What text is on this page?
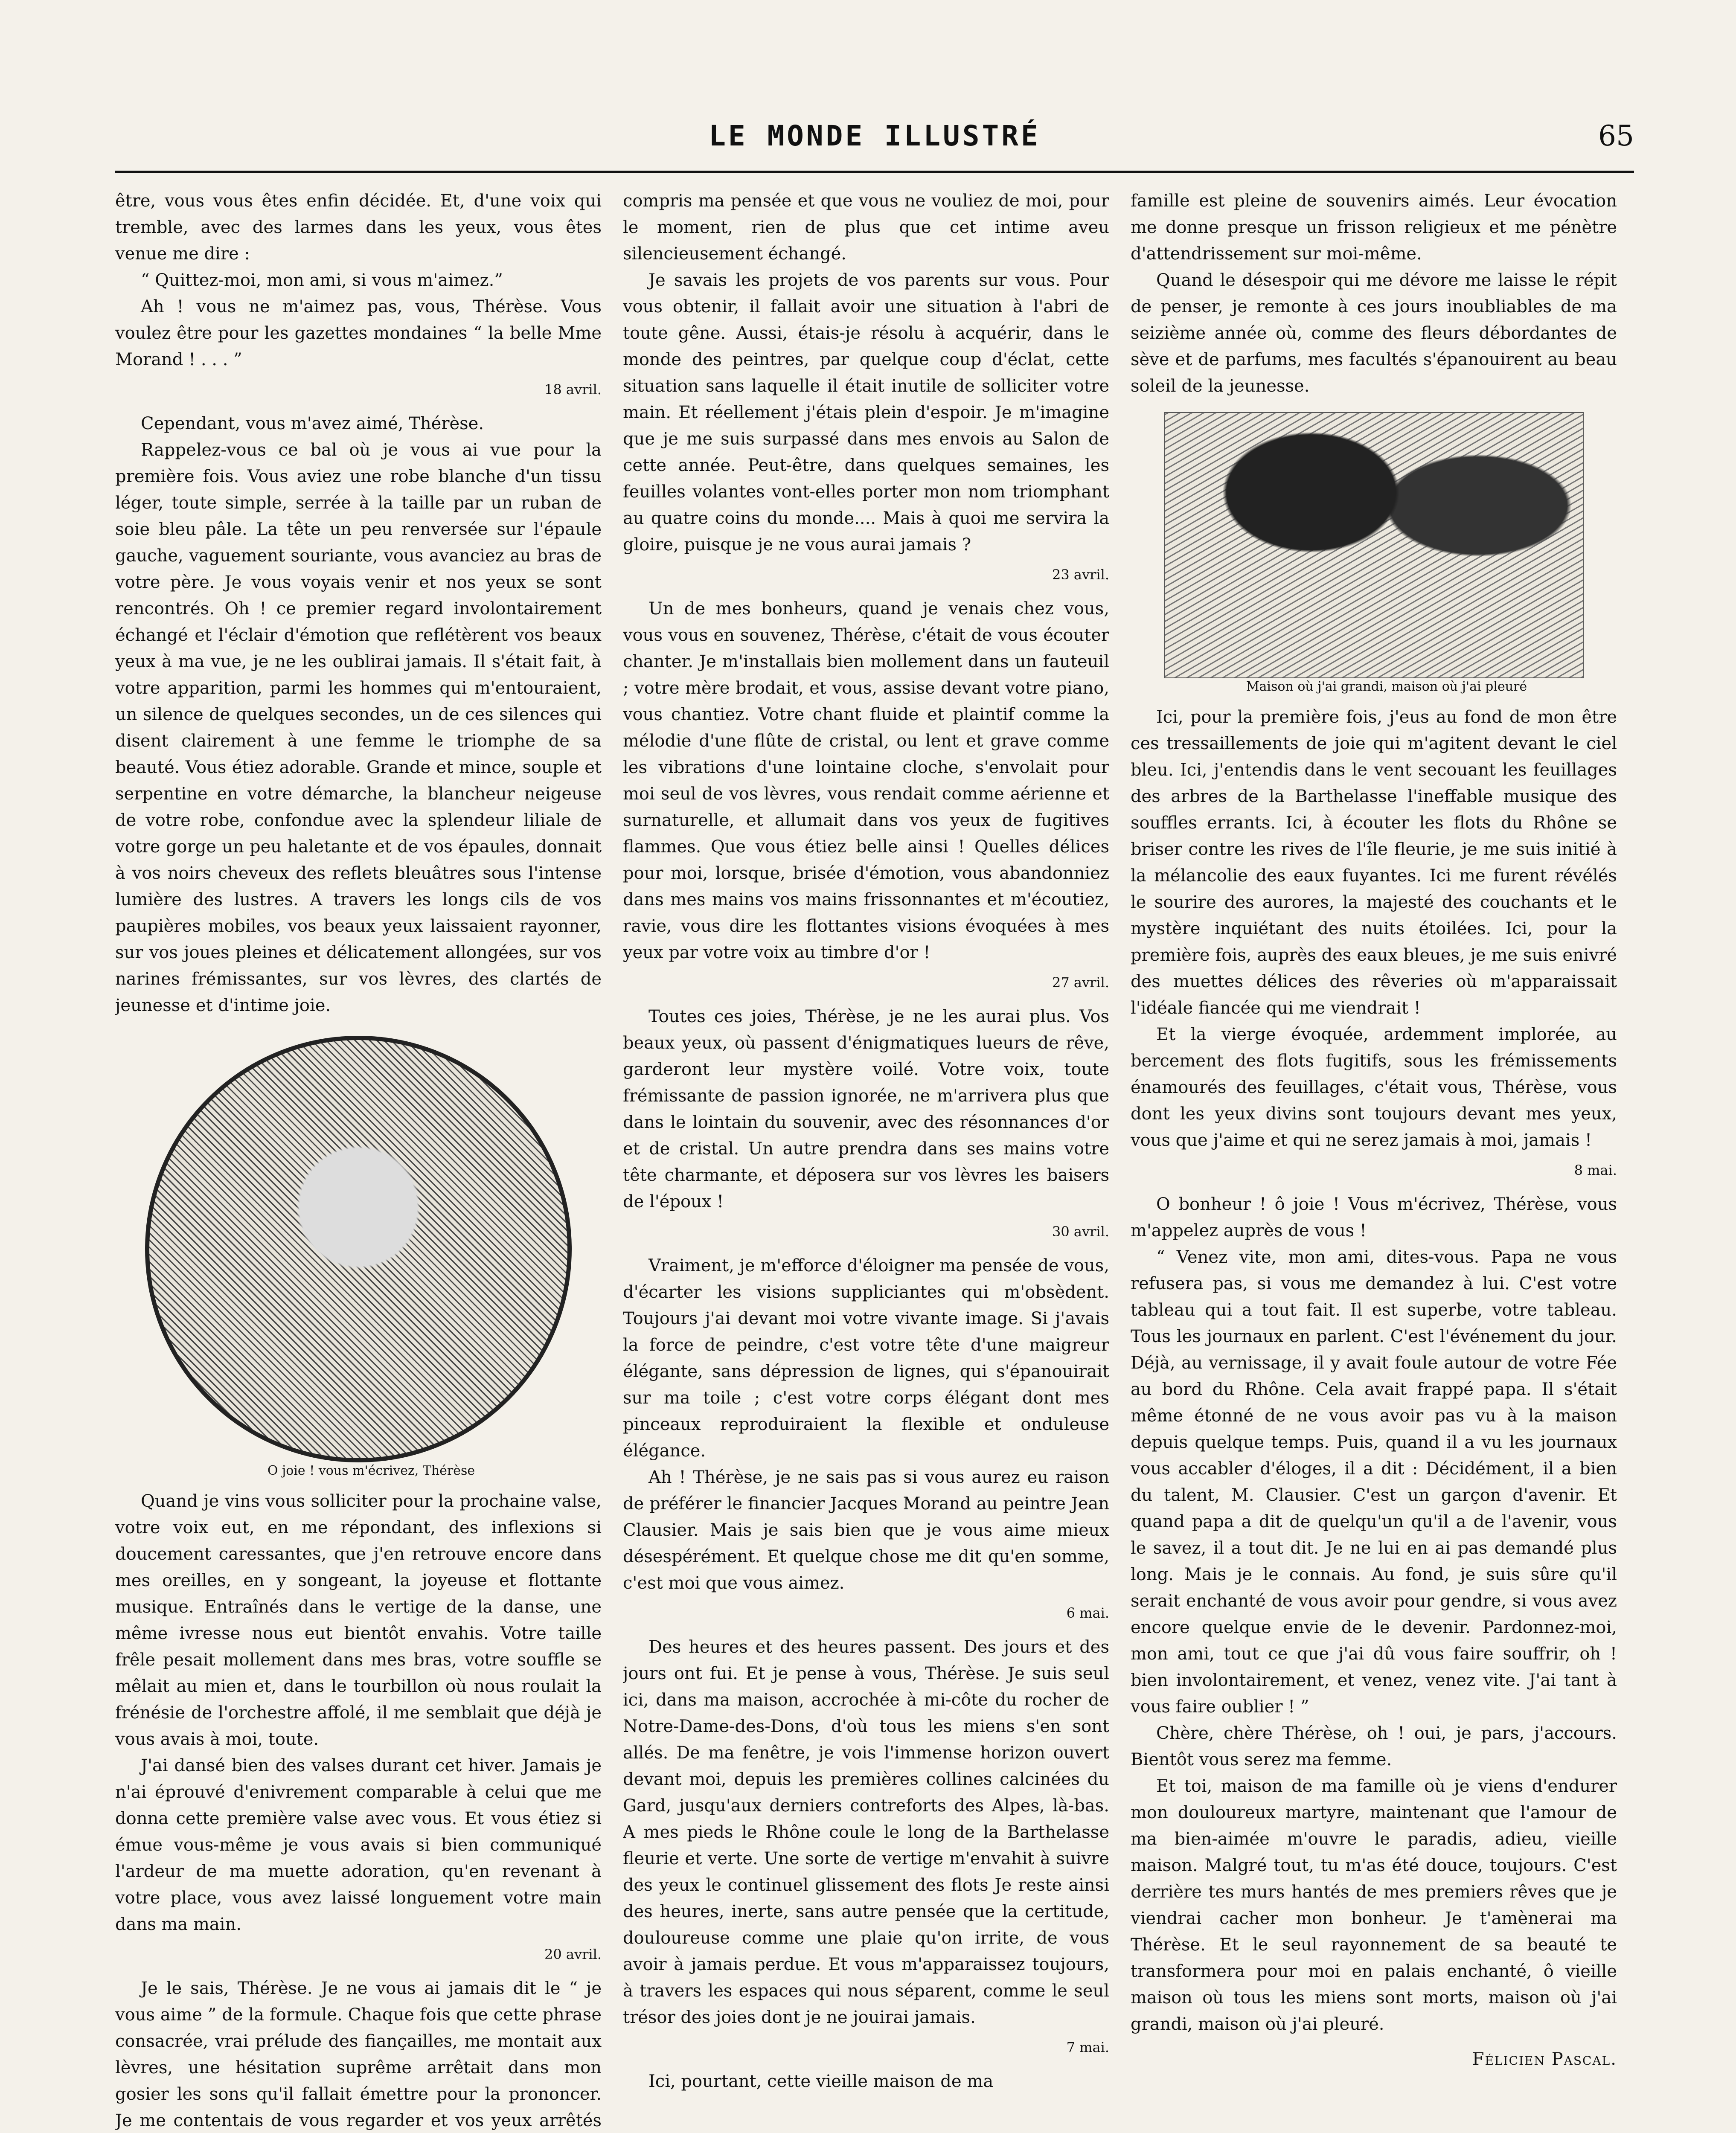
LE MONDE ILLUSTRÉ	65

être, vous vous êtes enfin décidée. Et, d'une voix qui tremble, avec des larmes dans les yeux, vous êtes venue me dire :

“ Quittez-moi, mon ami, si vous m'aimez.”

Ah ! vous ne m'aimez pas, vous, Thérèse. Vous voulez être pour les gazettes mondaines “ la belle Mme Morand ! . . . ”

18 avril.

Cependant, vous m'avez aimé, Thérèse.

Rappelez-vous ce bal où je vous ai vue pour la première fois. Vous aviez une robe blanche d'un tissu léger, toute simple, serrée à la taille par un ruban de soie bleu pâle. La tête un peu renversée sur l'épaule gauche, vaguement souriante, vous avanciez au bras de votre père. Je vous voyais venir et nos yeux se sont rencontrés. Oh ! ce premier regard involontairement échangé et l'éclair d'émotion que reflétèrent vos beaux yeux à ma vue, je ne les oublirai jamais. Il s'était fait, à votre apparition, parmi les hommes qui m'entouraient, un silence de quelques secondes, un de ces silences qui disent clairement à une femme le triomphe de sa beauté. Vous étiez adorable. Grande et mince, souple et serpentine en votre démarche, la blancheur neigeuse de votre robe, confondue avec la splendeur liliale de votre gorge un peu haletante et de vos épaules, donnait à vos noirs cheveux des reflets bleuâtres sous l'intense lumière des lustres. A travers les longs cils de vos paupières mobiles, vos beaux yeux laissaient rayonner, sur vos joues pleines et délicatement allongées, sur vos narines frémissantes, sur vos lèvres, des clartés de jeunesse et d'intime joie.

O joie ! vous m'écrivez, Thérèse

Quand je vins vous solliciter pour la prochaine valse, votre voix eut, en me répondant, des inflexions si doucement caressantes, que j'en retrouve encore dans mes oreilles, en y songeant, la joyeuse et flottante musique. Entraînés dans le vertige de la danse, une même ivresse nous eut bientôt envahis. Votre taille frêle pesait mollement dans mes bras, votre souffle se mêlait au mien et, dans le tourbillon où nous roulait la frénésie de l'orchestre affolé, il me semblait que déjà je vous avais à moi, toute.

J'ai dansé bien des valses durant cet hiver. Jamais je n'ai éprouvé d'enivrement comparable à celui que me donna cette première valse avec vous. Et vous étiez si émue vous-même je vous avais si bien communiqué l'ardeur de ma muette adoration, qu'en revenant à votre place, vous avez laissé longuement votre main dans ma main.

20 avril.

Je le sais, Thérèse. Je ne vous ai jamais dit le “ je vous aime ” de la formule. Chaque fois que cette phrase consacrée, vrai prélude des fiançailles, me montait aux lèvres, une hésitation suprême arrêtait dans mon gosier les sons qu'il fallait émettre pour la prononcer. Je me contentais de vous regarder et vos yeux arrêtés

compris ma pensée et que vous ne vouliez de moi, pour le moment, rien de plus que cet intime aveu silencieusement échangé.

Je savais les projets de vos parents sur vous. Pour vous obtenir, il fallait avoir une situation à l'abri de toute gêne. Aussi, étais-je résolu à acquérir, dans le monde des peintres, par quelque coup d'éclat, cette situation sans laquelle il était inutile de solliciter votre main. Et réellement j'étais plein d'espoir. Je m'imagine que je me suis surpassé dans mes envois au Salon de cette année. Peut-être, dans quelques semaines, les feuilles volantes vont-elles porter mon nom triomphant au quatre coins du monde.... Mais à quoi me servira la gloire, puisque je ne vous aurai jamais ?

23 avril.

Un de mes bonheurs, quand je venais chez vous, vous vous en souvenez, Thérèse, c'était de vous écouter chanter. Je m'installais bien mollement dans un fauteuil ; votre mère brodait, et vous, assise devant votre piano, vous chantiez. Votre chant fluide et plaintif comme la mélodie d'une flûte de cristal, ou lent et grave comme les vibrations d'une lointaine cloche, s'envolait pour moi seul de vos lèvres, vous rendait comme aérienne et surnaturelle, et allumait dans vos yeux de fugitives flammes. Que vous étiez belle ainsi ! Quelles délices pour moi, lorsque, brisée d'émotion, vous abandonniez dans mes mains vos mains frissonnantes et m'écoutiez, ravie, vous dire les flottantes visions évoquées à mes yeux par votre voix au timbre d'or !

27 avril.

Toutes ces joies, Thérèse, je ne les aurai plus. Vos beaux yeux, où passent d'énigmatiques lueurs de rêve, garderont leur mystère voilé. Votre voix, toute frémissante de passion ignorée, ne m'arrivera plus que dans le lointain du souvenir, avec des résonnances d'or et de cristal. Un autre prendra dans ses mains votre tête charmante, et déposera sur vos lèvres les baisers de l'époux !

30 avril.

Vraiment, je m'efforce d'éloigner ma pensée de vous, d'écarter les visions suppliciantes qui m'obsèdent. Toujours j'ai devant moi votre vivante image. Si j'avais la force de peindre, c'est votre tête d'une maigreur élégante, sans dépression de lignes, qui s'épanouirait sur ma toile ; c'est votre corps élégant dont mes pinceaux reproduiraient la flexible et onduleuse élégance.

Ah ! Thérèse, je ne sais pas si vous aurez eu raison de préférer le financier Jacques Morand au peintre Jean Clausier. Mais je sais bien que je vous aime mieux désespérément. Et quelque chose me dit qu'en somme, c'est moi que vous aimez.

6 mai.

Des heures et des heures passent. Des jours et des jours ont fui. Et je pense à vous, Thérèse. Je suis seul ici, dans ma maison, accrochée à mi-côte du rocher de Notre-Dame-des-Dons, d'où tous les miens s'en sont allés. De ma fenêtre, je vois l'immense horizon ouvert devant moi, depuis les premières collines calcinées du Gard, jusqu'aux derniers contreforts des Alpes, là-bas. A mes pieds le Rhône coule le long de la Barthelasse fleurie et verte. Une sorte de vertige m'envahit à suivre des yeux le continuel glissement des flots Je reste ainsi des heures, inerte, sans autre pensée que la certitude, douloureuse comme une plaie qu'on irrite, de vous avoir à jamais perdue. Et vous m'apparaissez toujours, à travers les espaces qui nous séparent, comme le seul trésor des joies dont je ne jouirai jamais.

7 mai.

Ici, pourtant, cette vieille maison de ma

famille est pleine de souvenirs aimés. Leur évocation me donne presque un frisson religieux et me pénètre d'attendrissement sur moi-même.

Quand le désespoir qui me dévore me laisse le répit de penser, je remonte à ces jours inoubliables de ma seizième année où, comme des fleurs débordantes de sève et de parfums, mes facultés s'épanouirent au beau soleil de la jeunesse.

Maison où j'ai grandi, maison où j'ai pleuré

Ici, pour la première fois, j'eus au fond de mon être ces tressaillements de joie qui m'agitent devant le ciel bleu. Ici, j'entendis dans le vent secouant les feuillages des arbres de la Barthelasse l'ineffable musique des souffles errants. Ici, à écouter les flots du Rhône se briser contre les rives de l'île fleurie, je me suis initié à la mélancolie des eaux fuyantes. Ici me furent révélés le sourire des aurores, la majesté des couchants et le mystère inquiétant des nuits étoilées. Ici, pour la première fois, auprès des eaux bleues, je me suis enivré des muettes délices des rêveries où m'apparaissait l'idéale fiancée qui me viendrait !

Et la vierge évoquée, ardemment implorée, au bercement des flots fugitifs, sous les frémissements énamourés des feuillages, c'était vous, Thérèse, vous dont les yeux divins sont toujours devant mes yeux, vous que j'aime et qui ne serez jamais à moi, jamais !

8 mai.

O bonheur ! ô joie ! Vous m'écrivez, Thérèse, vous m'appelez auprès de vous !

“ Venez vite, mon ami, dites-vous. Papa ne vous refusera pas, si vous me demandez à lui. C'est votre tableau qui a tout fait. Il est superbe, votre tableau. Tous les journaux en parlent. C'est l'événement du jour. Déjà, au vernissage, il y avait foule autour de votre Fée au bord du Rhône. Cela avait frappé papa. Il s'était même étonné de ne vous avoir pas vu à la maison depuis quelque temps. Puis, quand il a vu les journaux vous accabler d'éloges, il a dit : Décidément, il a bien du talent, M. Clausier. C'est un garçon d'avenir. Et quand papa a dit de quelqu'un qu'il a de l'avenir, vous le savez, il a tout dit. Je ne lui en ai pas demandé plus long. Mais je le connais. Au fond, je suis sûre qu'il serait enchanté de vous avoir pour gendre, si vous avez encore quelque envie de le devenir. Pardonnez-moi, mon ami, tout ce que j'ai dû vous faire souffrir, oh ! bien involontairement, et venez, venez vite. J'ai tant à vous faire oublier ! ”

Chère, chère Thérèse, oh ! oui, je pars, j'accours. Bientôt vous serez ma femme.

Et toi, maison de ma famille où je viens d'endurer mon douloureux martyre, maintenant que l'amour de ma bien-aimée m'ouvre le paradis, adieu, vieille maison. Malgré tout, tu m'as été douce, toujours. C'est derrière tes murs hantés de mes premiers rêves que je viendrai cacher mon bonheur. Je t'amènerai ma Thérèse. Et le seul rayonnement de sa beauté te transformera pour moi en palais enchanté, ô vieille maison où tous les miens sont morts, maison où j'ai grandi, maison où j'ai pleuré.

Félicien Pascal.
